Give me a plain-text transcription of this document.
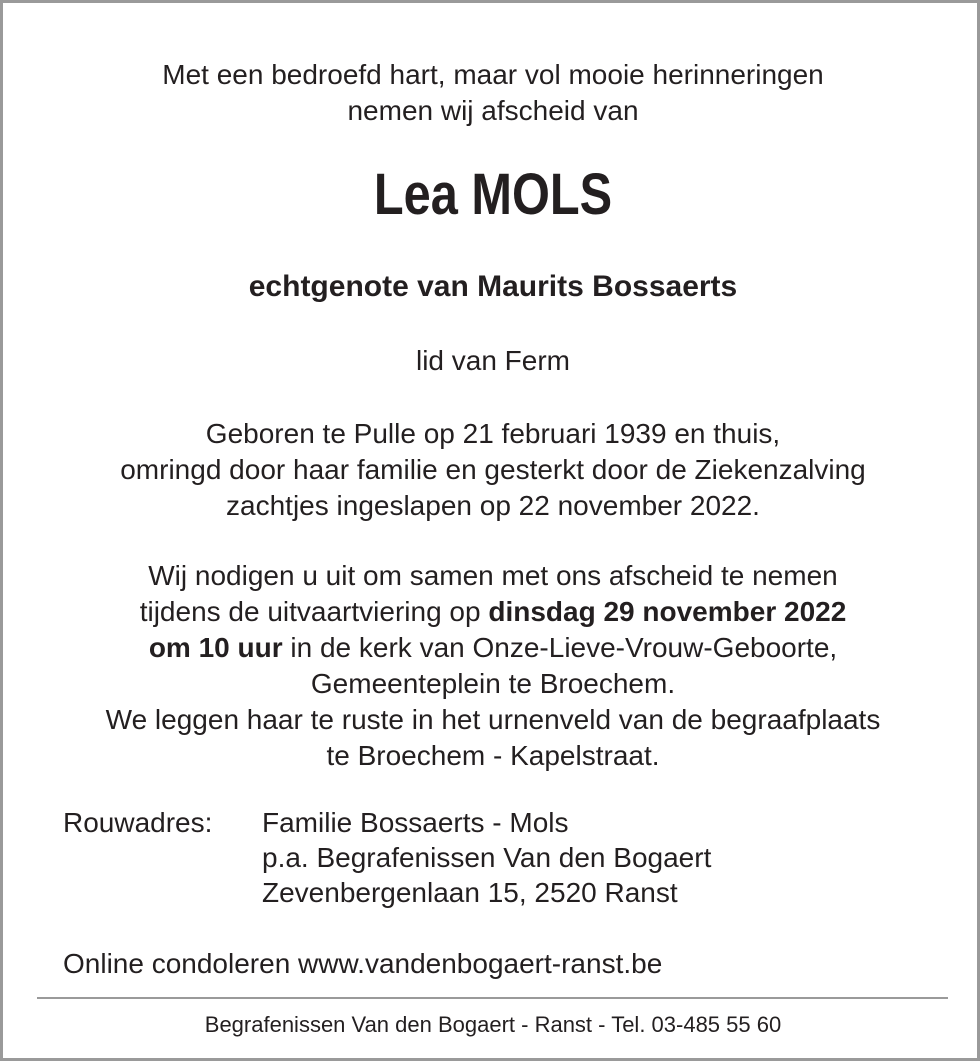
Met een bedroefd hart, maar vol mooie herinneringen

nemen wij afscheid van

Lea MOLS
echtgenote van Maurits Bossaerts

lid van Ferm

Geboren te Pulle op 21 februari 1939 en thuis,

omringd door haar familie en gesterkt door de Ziekenzalving

zachtjes ingeslapen op 22 november 2022.

Wij nodigen u uit om samen met ons afscheid te nemen

tijdens de uitvaartviering op dinsdag 29 november 2022

om 10 uur in de kerk van Onze-Lieve-Vrouw-Geboorte,

Gemeenteplein te Broechem.

We leggen haar te ruste in het urnenveld van de begraafplaats

te Broechem - Kapelstraat.

Rouwadres:	Familie Bossaerts - Mols
p.a. Begrafenissen Van den Bogaert
Zevenbergenlaan 15, 2520 Ranst
Online condoleren www.vandenbogaert-ranst.be
Begrafenissen Van den Bogaert - Ranst - Tel. 03-485 55 60
